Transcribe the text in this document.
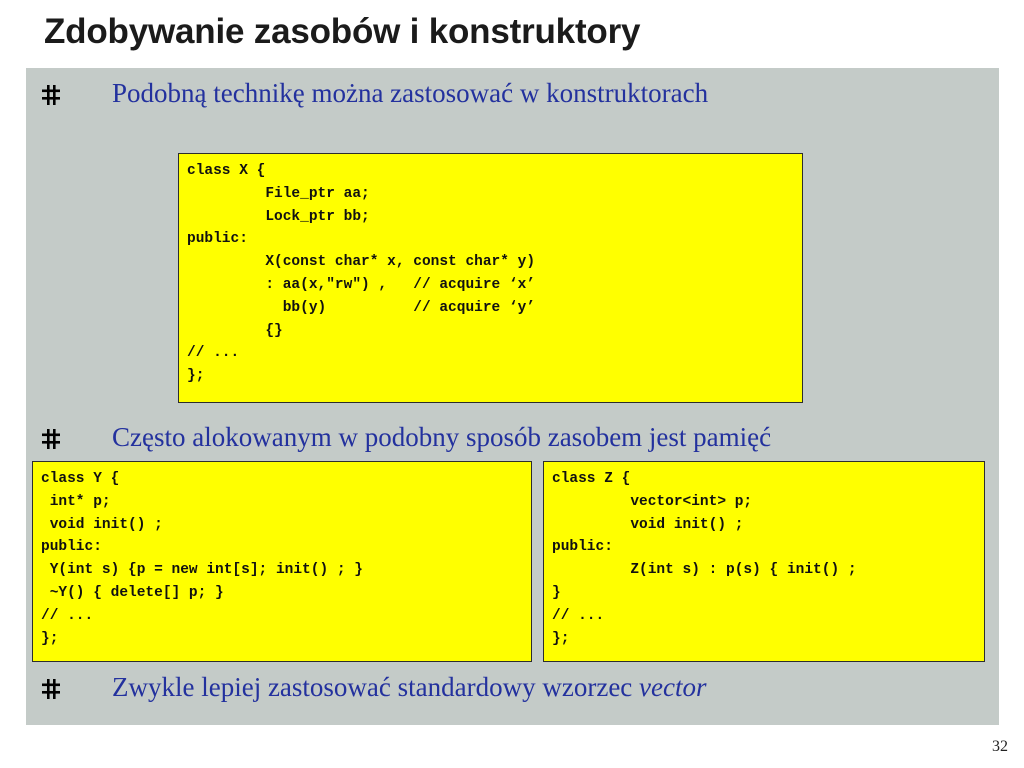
Zdobywanie zasobów i konstruktory
Podobną technikę można zastosować w konstruktorach
class X {
File_ptr aa;
Lock_ptr bb;
public:
X(const char* x, const char* y)
: aa(x,"rw") ,   // acquire ‘x’
bb(y)          // acquire ‘y’
{}
// ...
};
Często alokowanym w podobny sposób zasobem jest pamięć
class Y {
int* p;
void init() ;
public:
Y(int s) {p = new int[s]; init() ; }
~Y() { delete[] p; }
// ...
};
class Z {
vector<int> p;
void init() ;
public:
Z(int s) : p(s) { init() ;
}
// ...
};
Zwykle lepiej zastosować standardowy wzorzec vector
32
